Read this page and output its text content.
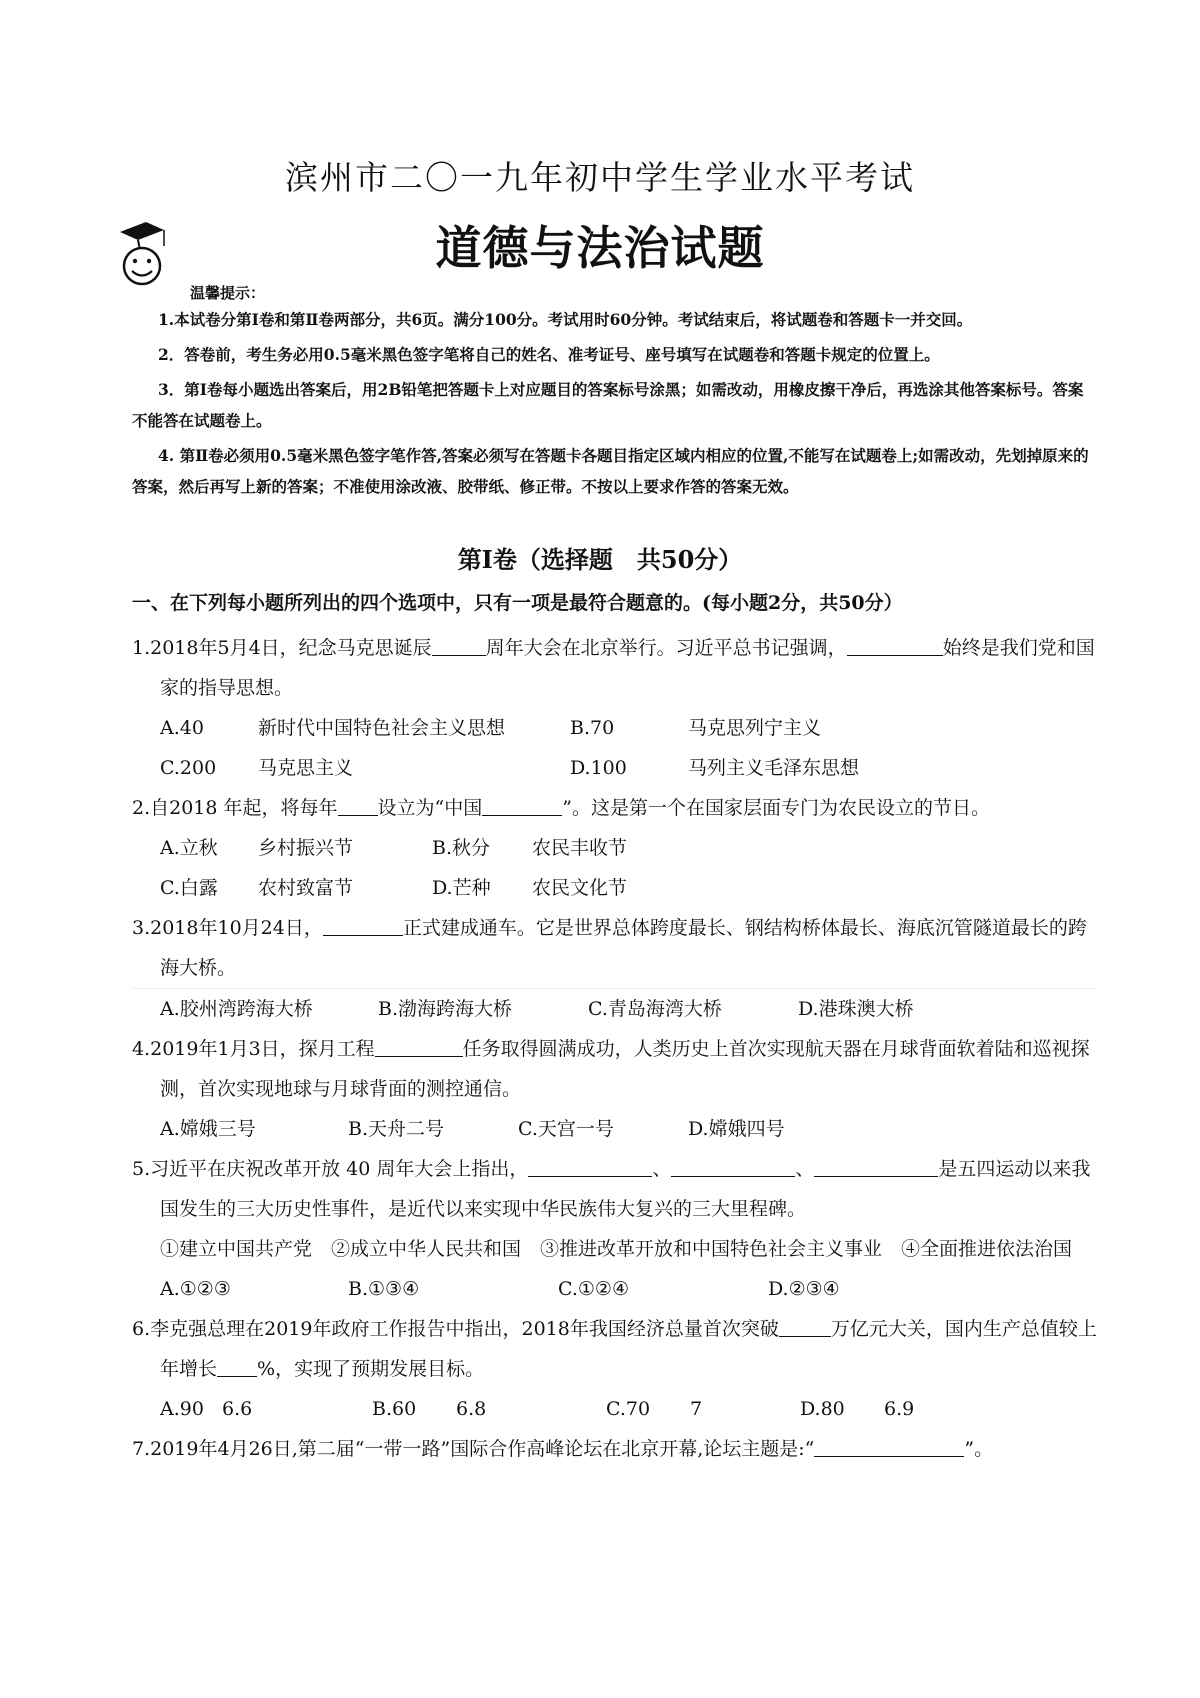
滨州市二〇一九年初中学生学业水平考试
道德与法治试题
温馨提示：

1.本试卷分第Ⅰ卷和第Ⅱ卷两部分，共6页。满分100分。考试用时60分钟。考试结束后，将试题卷和答题卡一并交回。

2．答卷前，考生务必用0.5毫米黑色签字笔将自己的姓名、准考证号、座号填写在试题卷和答题卡规定的位置上。

3．第Ⅰ卷每小题选出答案后，用2B铅笔把答题卡上对应题目的答案标号涂黑；如需改动，用橡皮擦干净后，再选涂其他答案标号。答案不能答在试题卷上。

4. 第Ⅱ卷必须用0.5毫米黑色签字笔作答,答案必须写在答题卡各题目指定区域内相应的位置,不能写在试题卷上;如需改动，先划掉原来的答案，然后再写上新的答案；不准使用涂改液、胶带纸、修正带。不按以上要求作答的答案无效。

第Ⅰ卷（选择题　共50分）
一、在下列每小题所列出的四个选项中，只有一项是最符合题意的。(每小题2分，共50分）
1.2018年5月4日，纪念马克思诞辰	周年大会在北京举行。习近平总书记强调，	始终是我们党和国家的指导思想。
A.40	新时代中国特色社会主义思想	B.70	马克思列宁主义
C.200	马克思主义	D.100	马列主义毛泽东思想
2.自2018 年起，将每年 设立为“中国	”。这是第一个在国家层面专门为农民设立的节日。
A.立秋	乡村振兴节	B.秋分	农民丰收节
C.白露	农村致富节	D.芒种	农民文化节
3.2018年10月24日，	正式建成通车。它是世界总体跨度最长、钢结构桥体最长、海底沉管隧道最长的跨海大桥。
A.胶州湾跨海大桥	B.渤海跨海大桥	C.青岛海湾大桥	D.港珠澳大桥
4.2019年1月3日，探月工程	任务取得圆满成功，人类历史上首次实现航天器在月球背面软着陆和巡视探测，首次实现地球与月球背面的测控通信。
A.嫦娥三号	B.天舟二号	C.天宫一号	D.嫦娥四号
5.习近平在庆祝改革开放 40 周年大会上指出，	、	、	是五四运动以来我国发生的三大历史性事件，是近代以来实现中华民族伟大复兴的三大里程碑。
①建立中国共产党　②成立中华人民共和国　③推进改革开放和中国特色社会主义事业　④全面推进依法治国
A.①②③	B.①③④	C.①②④	D.②③④
6.李克强总理在2019年政府工作报告中指出，2018年我国经济总量首次突破	万亿元大关，国内生产总值较上年增长 %，实现了预期发展目标。
A.90 6.6	B.60	6.8	C.70	7	D.80	6.9
7.2019年4月26日,第二届“一带一路”国际合作高峰论坛在北京开幕,论坛主题是:“	”。
